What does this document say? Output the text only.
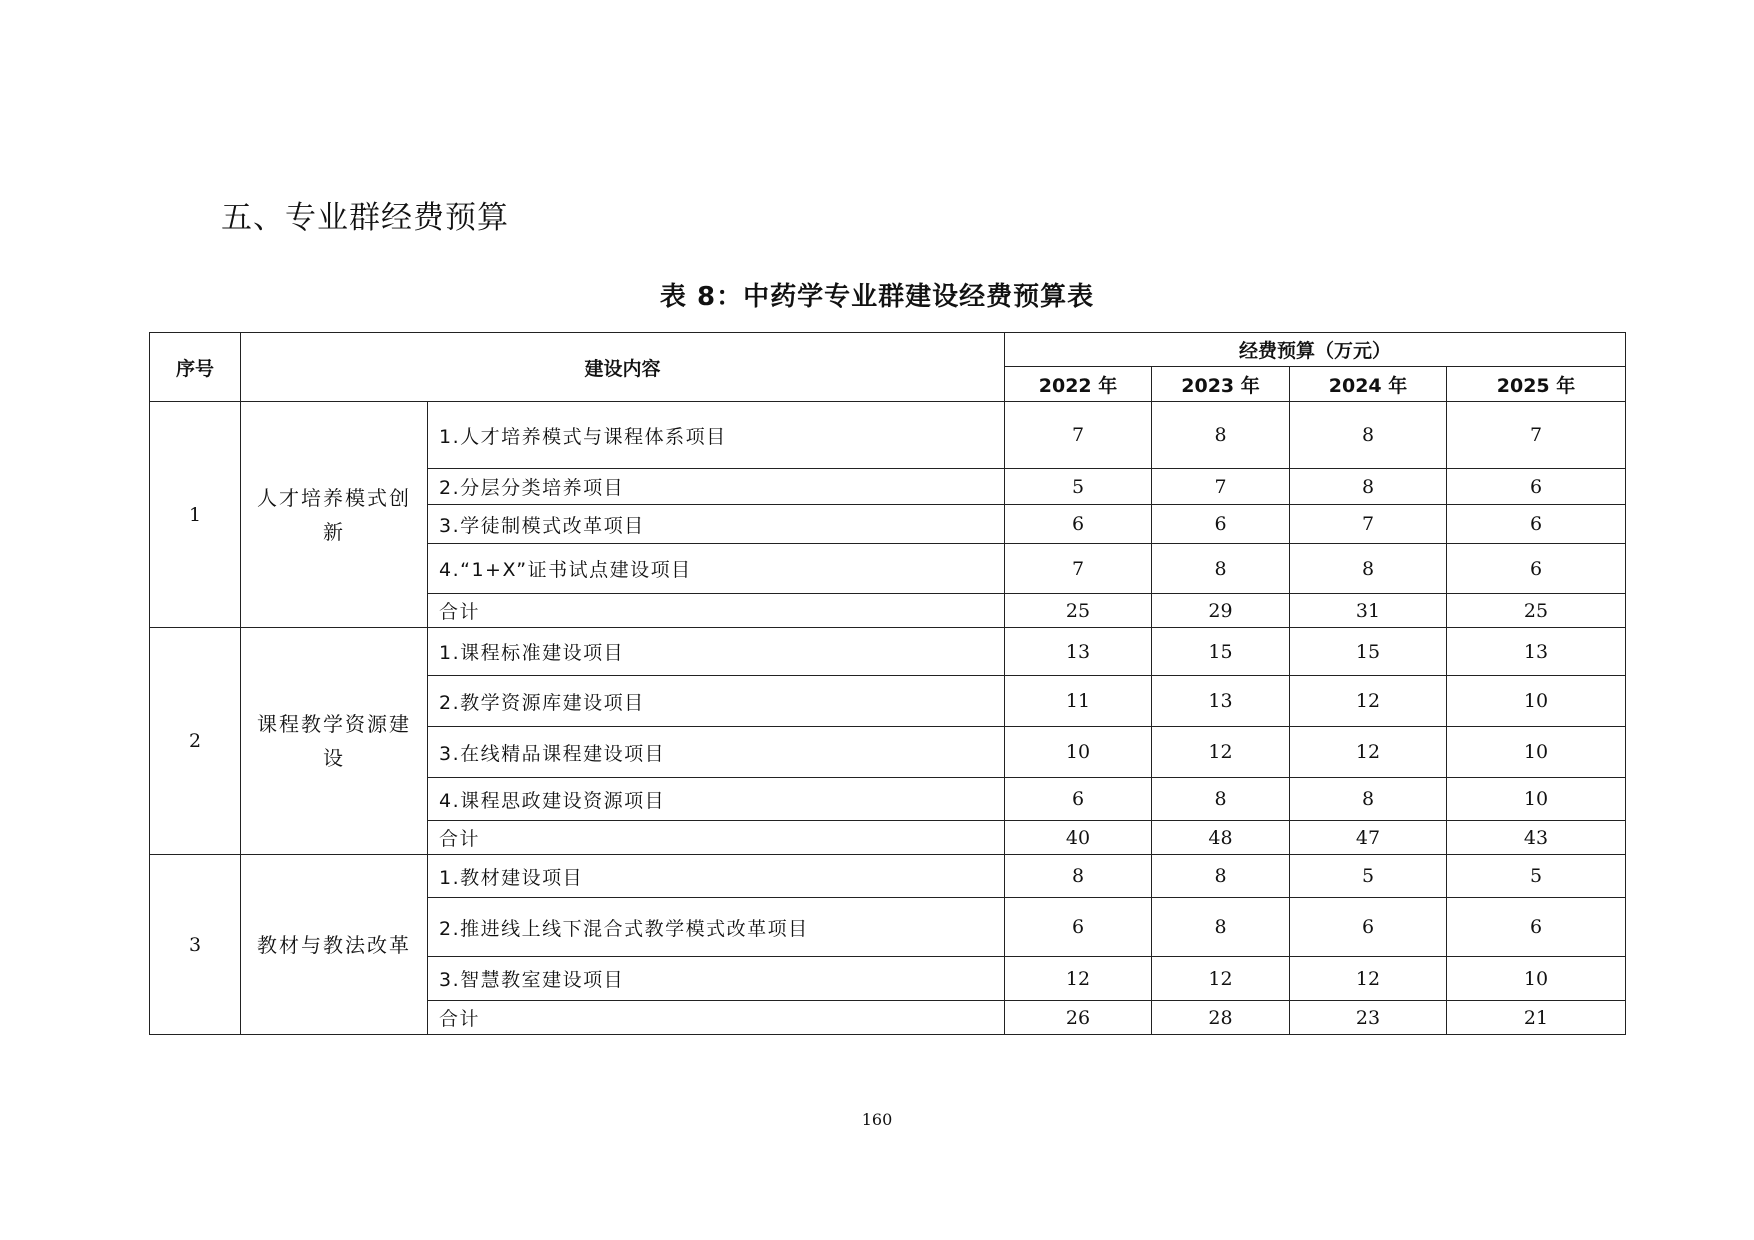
五、专业群经费预算
表 8：中药学专业群建设经费预算表
序号	建设内容		经费预算（万元）			
			2022 年	2023 年	2024 年	2025 年
1	人才培养模式创新	1.人才培养模式与课程体系项目	7	8	8	7
		2.分层分类培养项目	5	7	8	6
		3.学徒制模式改革项目	6	6	7	6
		4.“1+X”证书试点建设项目	7	8	8	6
		合计	25	29	31	25
2	课程教学资源建设	1.课程标准建设项目	13	15	15	13
		2.教学资源库建设项目	11	13	12	10
		3.在线精品课程建设项目	10	12	12	10
		4.课程思政建设资源项目	6	8	8	10
		合计	40	48	47	43
3	教材与教法改革	1.教材建设项目	8	8	5	5
		2.推进线上线下混合式教学模式改革项目	6	8	6	6
		3.智慧教室建设项目	12	12	12	10
		合计	26	28	23	21

160
